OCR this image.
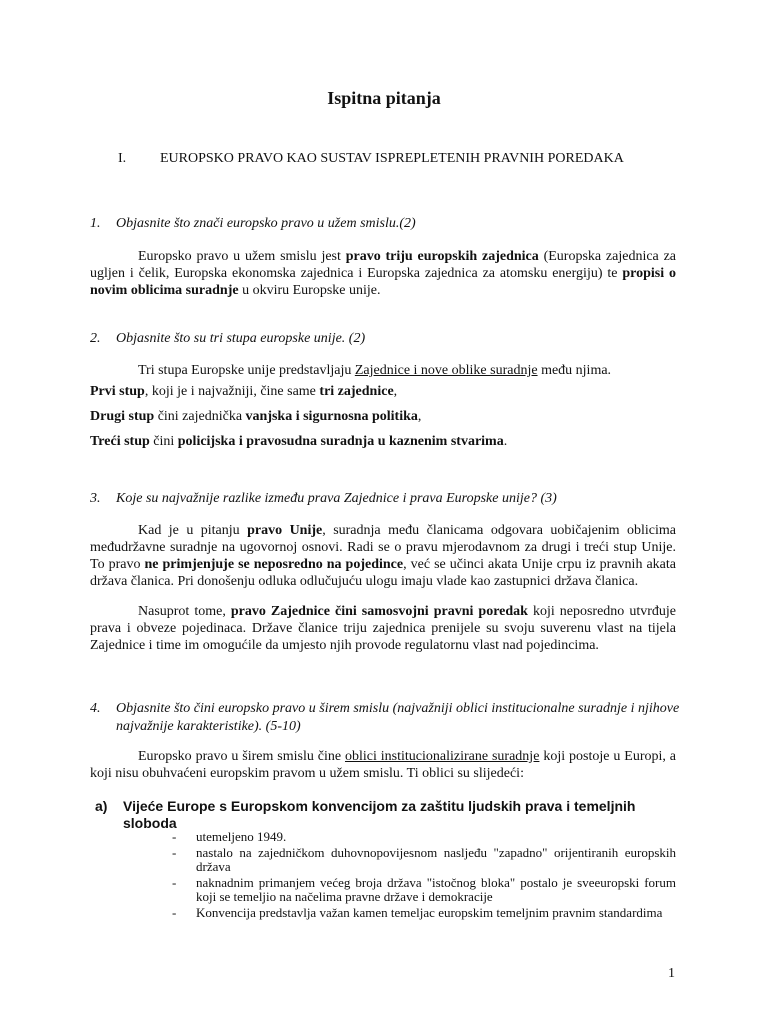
Ispitna pitanja
I. EUROPSKO PRAVO KAO SUSTAV ISPREPLETENIH PRAVNIH POREDAKA
1. Objasnite što znači europsko pravo u užem smislu.(2)
Europsko pravo u užem smislu jest pravo triju europskih zajednica (Europska zajednica za ugljen i čelik, Europska ekonomska zajednica i Europska zajednica za atomsku energiju) te propisi o novim oblicima suradnje u okviru Europske unije.
2. Objasnite što su tri stupa europske unije. (2)
Tri stupa Europske unije predstavljaju Zajednice i nove oblike suradnje među njima.
Prvi stup, koji je i najvažniji, čine same tri zajednice,
Drugi stup čini zajednička vanjska i sigurnosna politika,
Treći stup čini policijska i pravosudna suradnja u kaznenim stvarima.
3. Koje su najvažnije razlike između prava Zajednice i prava Europske unije? (3)
Kad je u pitanju pravo Unije, suradnja među članicama odgovara uobičajenim oblicima međudržavne suradnje na ugovornoj osnovi. Radi se o pravu mjerodavnom za drugi i treći stup Unije. To pravo ne primjenjuje se neposredno na pojedince, već se učinci akata Unije crpu iz pravnih akata država članica. Pri donošenju odluka odlučujuću ulogu imaju vlade kao zastupnici država članica.
Nasuprot tome, pravo Zajednice čini samosvojni pravni poredak koji neposredno utvrđuje prava i obveze pojedinaca. Države članice triju zajednica prenijele su svoju suverenu vlast na tijela Zajednice i time im omogućile da umjesto njih provode regulatornu vlast nad pojedincima.
4. Objasnite što čini europsko pravo u širem smislu (najvažniji oblici institucionalne suradnje i njihove najvažnije karakteristike). (5-10)
Europsko pravo u širem smislu čine oblici institucionalizirane suradnje koji postoje u Europi, a koji nisu obuhvaćeni europskim pravom u užem smislu. Ti oblici su slijedeći:
a) Vijeće Europe s Europskom konvencijom za zaštitu ljudskih prava i temeljnih sloboda
- utemeljeno 1949.
- nastalo na zajedničkom duhovnopovijesnom nasljeđu "zapadno" orijentiranih europskih država
- naknadnim primanjem većeg broja država "istočnog bloka" postalo je sveeuropski forum koji se temeljio na načelima pravne države i demokracije
- Konvencija predstavlja važan kamen temeljac europskim temeljnim pravnim standardima
1
